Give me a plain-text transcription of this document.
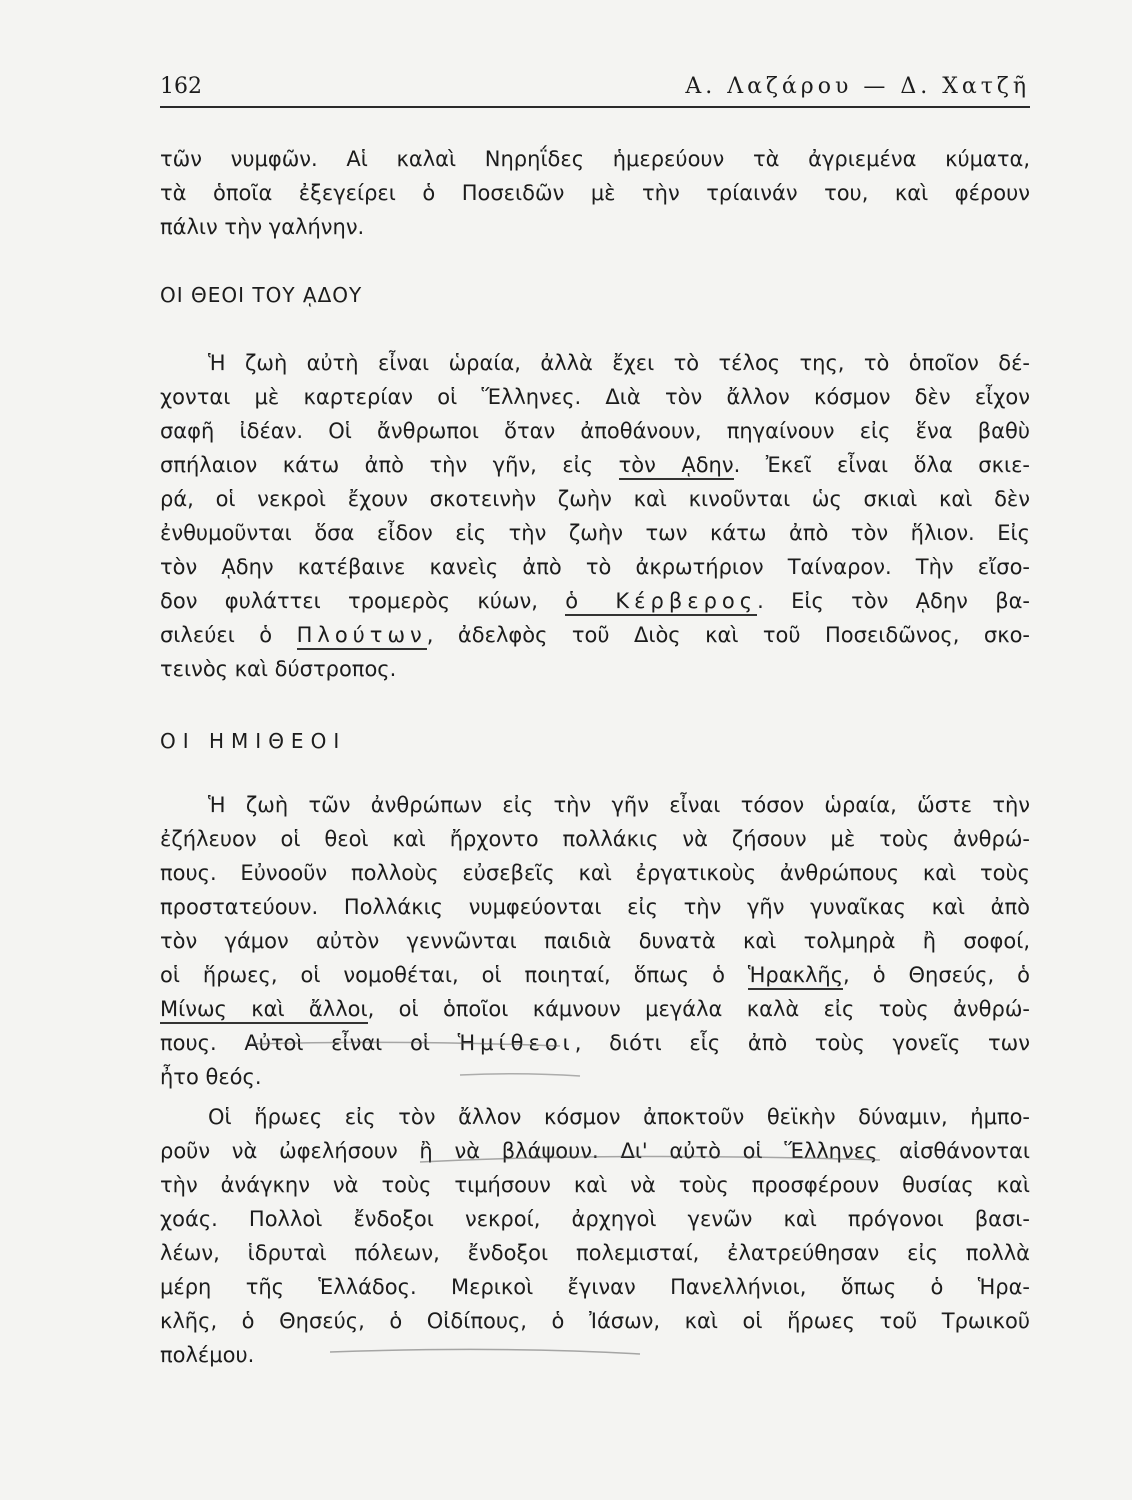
162	Α. Λαζάρου — Δ. Χατζῆ
τῶν νυμφῶν. Αἱ καλαὶ Νηρηΐδες ἡμερεύουν τὰ ἀγριεμένα κύματα,
τὰ ὁποῖα ἐξεγείρει ὁ Ποσειδῶν μὲ τὴν τρίαινάν του, καὶ φέρουν
πάλιν τὴν γαλήνην.
ΟΙ ΘΕΟΙ ΤΟΥ ᾼΔΟΥ
Ἡ ζωὴ αὐτὴ εἶναι ὡραία, ἀλλὰ ἔχει τὸ τέλος της, τὸ ὁποῖον δέ-
χονται μὲ καρτερίαν οἱ Ἕλληνες. Διὰ τὸν ἄλλον κόσμον δὲν εἶχον
σαφῆ ἰδέαν. Οἱ ἄνθρωποι ὅταν ἀποθάνουν, πηγαίνουν εἰς ἕνα βαθὺ
σπήλαιον κάτω ἀπὸ τὴν γῆν, εἰς τὸν ᾼδην. Ἐκεῖ εἶναι ὅλα σκιε-
ρά, οἱ νεκροὶ ἔχουν σκοτεινὴν ζωὴν καὶ κινοῦνται ὡς σκιαὶ καὶ δὲν
ἐνθυμοῦνται ὅσα εἶδον εἰς τὴν ζωὴν των κάτω ἀπὸ τὸν ἥλιον. Εἰς
τὸν ᾼδην κατέβαινε κανεὶς ἀπὸ τὸ ἀκρωτήριον Ταίναρον. Τὴν εἴσο-
δον φυλάττει τρομερὸς κύων, ὁ Κέρβερος. Εἰς τὸν ᾼδην βα-
σιλεύει ὁ Πλούτων, ἀδελφὸς τοῦ Διὸς καὶ τοῦ Ποσειδῶνος, σκο-
τεινὸς καὶ δύστροπος.
ΟΙ ΗΜΙΘΕΟΙ
Ἡ ζωὴ τῶν ἀνθρώπων εἰς τὴν γῆν εἶναι τόσον ὡραία, ὥστε τὴν
ἐζήλευον οἱ θεοὶ καὶ ἤρχοντο πολλάκις νὰ ζήσουν μὲ τοὺς ἀνθρώ-
πους. Εὐνοοῦν πολλοὺς εὐσεβεῖς καὶ ἐργατικοὺς ἀνθρώπους καὶ τοὺς
προστατεύουν. Πολλάκις νυμφεύονται εἰς τὴν γῆν γυναῖκας καὶ ἀπὸ
τὸν γάμον αὐτὸν γεννῶνται παιδιὰ δυνατὰ καὶ τολμηρὰ ἢ σοφοί,
οἱ ἥρωες, οἱ νομοθέται, οἱ ποιηταί, ὅπως ὁ Ἡρακλῆς, ὁ Θησεύς, ὁ
Μίνως καὶ ἄλλοι, οἱ ὁποῖοι κάμνουν μεγάλα καλὰ εἰς τοὺς ἀνθρώ-
πους. Αὐτοὶ εἶναι οἱ Ἡμίθεοι, διότι εἷς ἀπὸ τοὺς γονεῖς των
ἦτο θεός.
Οἱ ἥρωες εἰς τὸν ἄλλον κόσμον ἀποκτοῦν θεϊκὴν δύναμιν, ἠμπο-
ροῦν νὰ ὠφελήσουν ἢ νὰ βλάψουν. Δι' αὐτὸ οἱ Ἕλληνες αἰσθάνονται
τὴν ἀνάγκην νὰ τοὺς τιμήσουν καὶ νὰ τοὺς προσφέρουν θυσίας καὶ
χοάς. Πολλοὶ ἔνδοξοι νεκροί, ἀρχηγοὶ γενῶν καὶ πρόγονοι βασι-
λέων, ἱδρυταὶ πόλεων, ἔνδοξοι πολεμισταί, ἐλατρεύθησαν εἰς πολλὰ
μέρη τῆς Ἑλλάδος. Μερικοὶ ἔγιναν Πανελλήνιοι, ὅπως ὁ Ἡρα-
κλῆς, ὁ Θησεύς, ὁ Οἰδίπους, ὁ Ἰάσων, καὶ οἱ ἥρωες τοῦ Τρωικοῦ
πολέμου.
